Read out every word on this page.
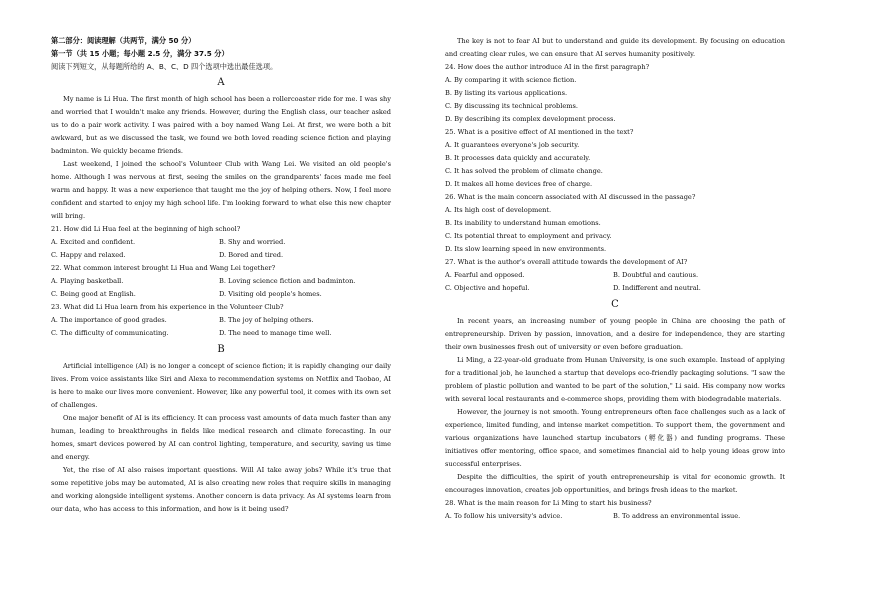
第二部分：阅读理解（共两节，满分 50 分）
第一节（共 15 小题；每小题 2.5 分，满分 37.5 分）
阅读下列短文，从每题所给的 A、B、C、D 四个选项中选出最佳选项。
A
My name is Li Hua. The first month of high school has been a rollercoaster ride for me. I was shy and worried that I wouldn't make any friends. However, during the English class, our teacher asked us to do a pair work activity. I was paired with a boy named Wang Lei. At first, we were both a bit awkward, but as we discussed the task, we found we both loved reading science fiction and playing badminton. We quickly became friends.
Last weekend, I joined the school's Volunteer Club with Wang Lei. We visited an old people's home. Although I was nervous at first, seeing the smiles on the grandparents' faces made me feel warm and happy. It was a new experience that taught me the joy of helping others. Now, I feel more confident and started to enjoy my high school life. I'm looking forward to what else this new chapter will bring.
21. How did Li Hua feel at the beginning of high school?
A. Excited and confident.	B. Shy and worried.
C. Happy and relaxed.	D. Bored and tired.
22. What common interest brought Li Hua and Wang Lei together?
A. Playing basketball.	B. Loving science fiction and badminton.
C. Being good at English.	D. Visiting old people's homes.
23. What did Li Hua learn from his experience in the Volunteer Club?
A. The importance of good grades.	B. The joy of helping others.
C. The difficulty of communicating.	D. The need to manage time well.
B
Artificial intelligence (AI) is no longer a concept of science fiction; it is rapidly changing our daily lives. From voice assistants like Siri and Alexa to recommendation systems on Netflix and Taobao, AI is here to make our lives more convenient. However, like any powerful tool, it comes with its own set of challenges.
One major benefit of AI is its efficiency. It can process vast amounts of data much faster than any human, leading to breakthroughs in fields like medical research and climate forecasting. In our homes, smart devices powered by AI can control lighting, temperature, and security, saving us time and energy.
Yet, the rise of AI also raises important questions. Will AI take away jobs? While it's true that some repetitive jobs may be automated, AI is also creating new roles that require skills in managing and working alongside intelligent systems. Another concern is data privacy. As AI systems learn from our data, who has access to this information, and how is it being used?
The key is not to fear AI but to understand and guide its development. By focusing on education and creating clear rules, we can ensure that AI serves humanity positively.
24. How does the author introduce AI in the first paragraph?
A. By comparing it with science fiction.
B. By listing its various applications.
C. By discussing its technical problems.
D. By describing its complex development process.
25. What is a positive effect of AI mentioned in the text?
A. It guarantees everyone's job security.
B. It processes data quickly and accurately.
C. It has solved the problem of climate change.
D. It makes all home devices free of charge.
26. What is the main concern associated with AI discussed in the passage?
A. Its high cost of development.
B. Its inability to understand human emotions.
C. Its potential threat to employment and privacy.
D. Its slow learning speed in new environments.
27. What is the author's overall attitude towards the development of AI?
A. Fearful and opposed.	B. Doubtful and cautious.
C. Objective and hopeful.	D. Indifferent and neutral.
C
In recent years, an increasing number of young people in China are choosing the path of entrepreneurship. Driven by passion, innovation, and a desire for independence, they are starting their own businesses fresh out of university or even before graduation.
Li Ming, a 22-year-old graduate from Hunan University, is one such example. Instead of applying for a traditional job, he launched a startup that develops eco-friendly packaging solutions. "I saw the problem of plastic pollution and wanted to be part of the solution," Li said. His company now works with several local restaurants and e-commerce shops, providing them with biodegradable materials.
However, the journey is not smooth. Young entrepreneurs often face challenges such as a lack of experience, limited funding, and intense market competition. To support them, the government and various organizations have launched startup incubators (孵化器) and funding programs. These initiatives offer mentoring, office space, and sometimes financial aid to help young ideas grow into successful enterprises.
Despite the difficulties, the spirit of youth entrepreneurship is vital for economic growth. It encourages innovation, creates job opportunities, and brings fresh ideas to the market.
28. What is the main reason for Li Ming to start his business?
A. To follow his university's advice.	B. To address an environmental issue.
